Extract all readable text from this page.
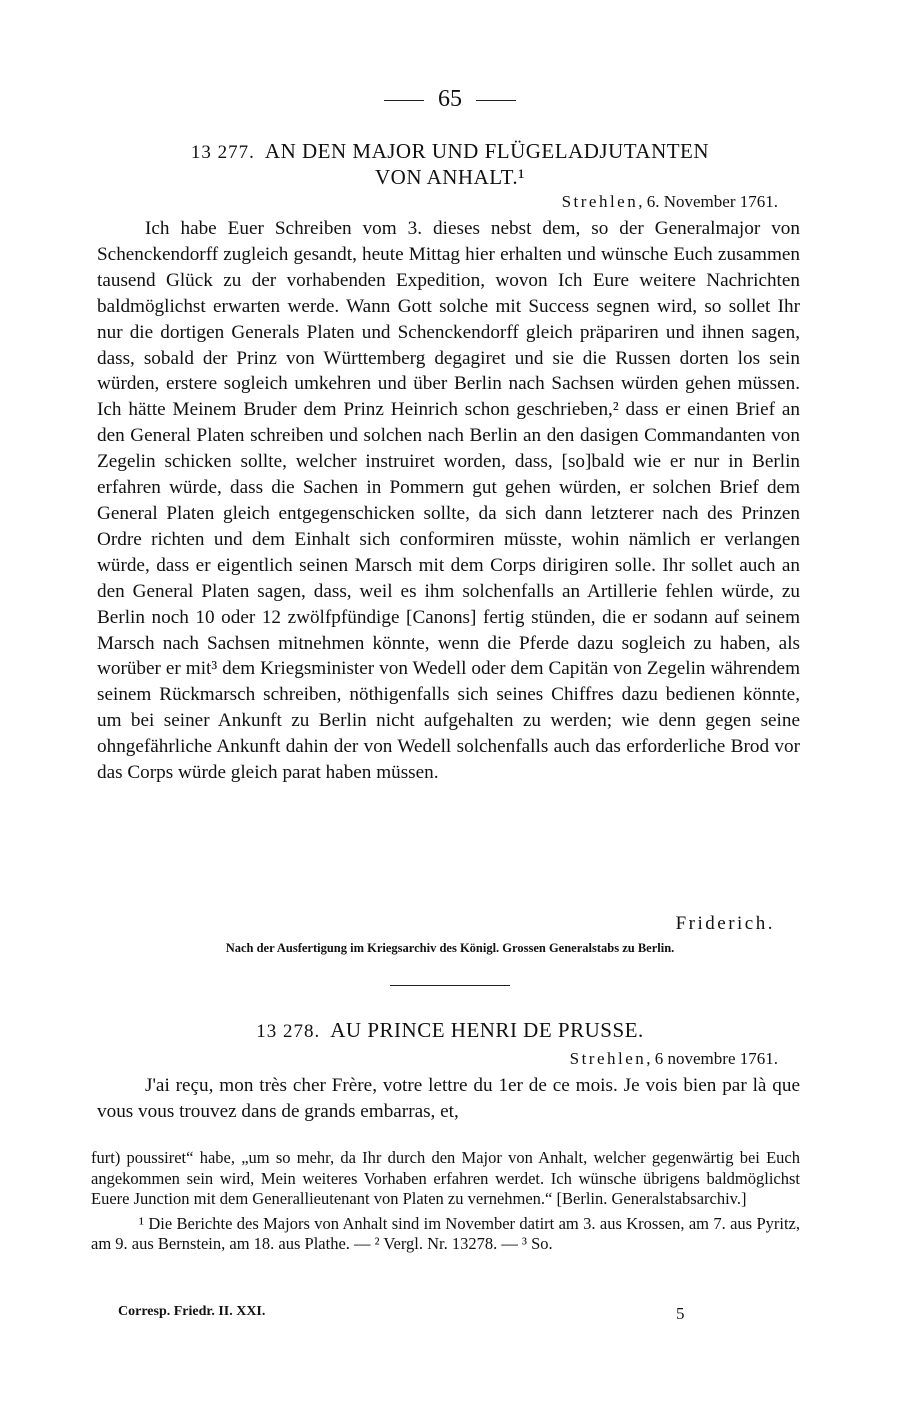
65
13 277. AN DEN MAJOR UND FLÜGELADJUTANTEN
VON ANHALT.¹
Strehlen, 6. November 1761.

Ich habe Euer Schreiben vom 3. dieses nebst dem, so der Generalmajor von Schenckendorff zugleich gesandt, heute Mittag hier erhalten und wünsche Euch zusammen tausend Glück zu der vorhabenden Expedition, wovon Ich Eure weitere Nachrichten baldmöglichst erwarten werde. Wann Gott solche mit Success segnen wird, so sollet Ihr nur die dortigen Generals Platen und Schenckendorff gleich präpariren und ihnen sagen, dass, sobald der Prinz von Württemberg degagiret und sie die Russen dorten los sein würden, erstere sogleich umkehren und über Berlin nach Sachsen würden gehen müssen. Ich hätte Meinem Bruder dem Prinz Heinrich schon geschrieben,² dass er einen Brief an den General Platen schreiben und solchen nach Berlin an den dasigen Commandanten von Zegelin schicken sollte, welcher instruiret worden, dass, [so]bald wie er nur in Berlin erfahren würde, dass die Sachen in Pommern gut gehen würden, er solchen Brief dem General Platen gleich entgegenschicken sollte, da sich dann letzterer nach des Prinzen Ordre richten und dem Einhalt sich conformiren müsste, wohin nämlich er verlangen würde, dass er eigentlich seinen Marsch mit dem Corps dirigiren solle. Ihr sollet auch an den General Platen sagen, dass, weil es ihm solchenfalls an Artillerie fehlen würde, zu Berlin noch 10 oder 12 zwölfpfündige [Canons] fertig stünden, die er sodann auf seinem Marsch nach Sachsen mitnehmen könnte, wenn die Pferde dazu sogleich zu haben, als worüber er mit³ dem Kriegsminister von Wedell oder dem Capitän von Zegelin währendem seinem Rückmarsch schreiben, nöthigenfalls sich seines Chiffres dazu bedienen könnte, um bei seiner Ankunft zu Berlin nicht aufgehalten zu werden; wie denn gegen seine ohngefährliche Ankunft dahin der von Wedell solchenfalls auch das erforderliche Brod vor das Corps würde gleich parat haben müssen.

Friderich.
Nach der Ausfertigung im Kriegsarchiv des Königl. Grossen Generalstabs zu Berlin.
13 278. AU PRINCE HENRI DE PRUSSE.
Strehlen, 6 novembre 1761.

J'ai reçu, mon très cher Frère, votre lettre du 1er de ce mois. Je vois bien par là que vous vous trouvez dans de grands embarras, et,

furt) poussiret“ habe, „um so mehr, da Ihr durch den Major von Anhalt, welcher gegenwärtig bei Euch angekommen sein wird, Mein weiteres Vorhaben erfahren werdet. Ich wünsche übrigens baldmöglichst Euere Junction mit dem Generallieutenant von Platen zu vernehmen.“ [Berlin. Generalstabsarchiv.]

¹ Die Berichte des Majors von Anhalt sind im November datirt am 3. aus Krossen, am 7. aus Pyritz, am 9. aus Bernstein, am 18. aus Plathe. — ² Vergl. Nr. 13278. — ³ So.

Corresp. Friedr. II. XXI.	5
